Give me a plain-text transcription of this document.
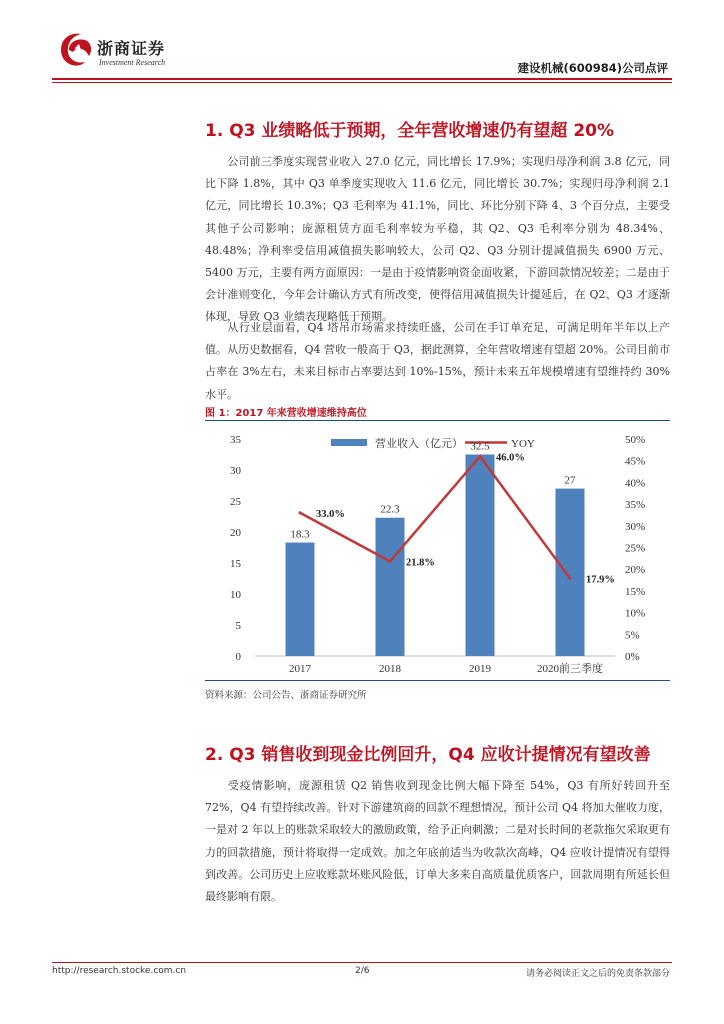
浙商证券
Investment Research	建设机械(600984)公司点评
1. Q3 业绩略低于预期，全年营收增速仍有望超 20%
公司前三季度实现营业收入 27.0 亿元，同比增长 17.9%；实现归母净利润 3.8 亿元，同比下降 1.8%，其中 Q3 单季度实现收入 11.6 亿元，同比增长 30.7%；实现归母净利润 2.1 亿元，同比增长 10.3%；Q3 毛利率为 41.1%，同比、环比分别下降 4、3 个百分点，主要受其他子公司影响；庞源租赁方面毛利率较为平稳，其 Q2、Q3 毛利率分别为 48.34%、48.48%；净利率受信用减值损失影响较大，公司 Q2、Q3 分别计提减值损失 6900 万元、5400 万元，主要有两方面原因：一是由于疫情影响资金面收紧，下游回款情况较差；二是由于会计准则变化，今年会计确认方式有所改变，使得信用减值损失计提延后，在 Q2、Q3 才逐渐体现，导致 Q3 业绩表现略低于预期。
从行业层面看，Q4 塔吊市场需求持续旺盛，公司在手订单充足，可满足明年半年以上产值。从历史数据看，Q4 营收一般高于 Q3，据此测算，全年营收增速有望超 20%。公司目前市占率在 3%左右，未来目标市占率要达到 10%-15%，预计未来五年规模增速有望维持约 30%水平。
图 1：2017 年来营收增速维持高位
营业收入（亿元）	YOY
0
5
10
15
20
25
30
35
0%
5%
10%
15%
20%
25%
30%
35%
40%
45%
50%
18.3
22.3
32.5
27
33.0%
21.8%
46.0%
17.9%
2017	2018	2019	2020前三季度
资料来源：公司公告、浙商证券研究所
2. Q3 销售收到现金比例回升，Q4 应收计提情况有望改善
受疫情影响，庞源租赁 Q2 销售收到现金比例大幅下降至 54%，Q3 有所好转回升至 72%，Q4 有望持续改善。针对下游建筑商的回款不理想情况，预计公司 Q4 将加大催收力度，一是对 2 年以上的账款采取较大的激励政策，给予正向刺激；二是对长时间的老款拖欠采取更有力的回款措施，预计将取得一定成效。加之年底前适当为收款次高峰，Q4 应收计提情况有望得到改善。公司历史上应收账款坏账风险低，订单大多来自高质量优质客户，回款周期有所延长但最终影响有限。
http://research.stocke.com.cn	2/6	请务必阅读正文之后的免责条款部分
